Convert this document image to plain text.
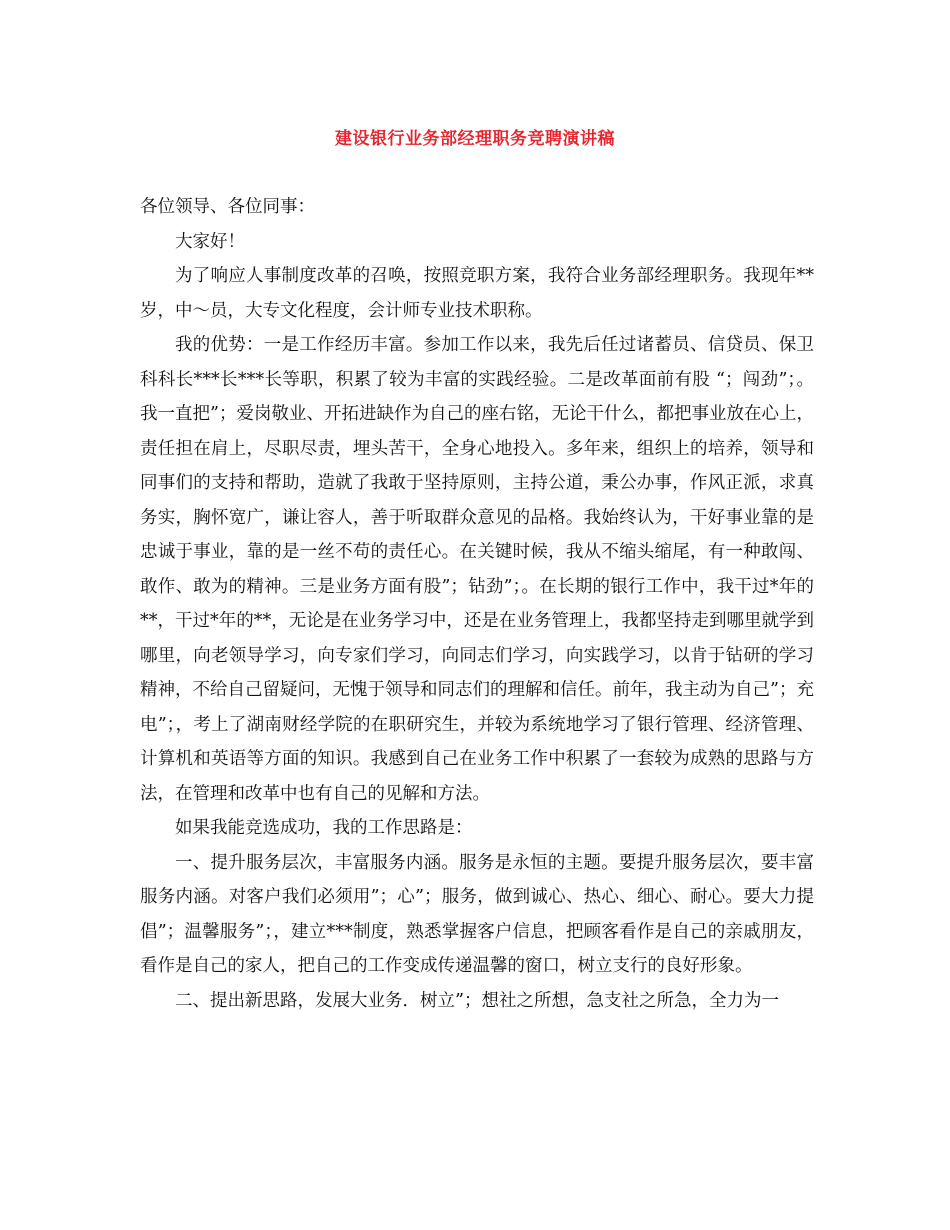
建设银行业务部经理职务竞聘演讲稿

各位领导、各位同事：

大家好！

为了响应人事制度改革的召唤，按照竞职方案，我符合业务部经理职务。我现年**岁，中～员，大专文化程度，会计师专业技术职称。

我的优势：一是工作经历丰富。参加工作以来，我先后任过诸蓄员、信贷员、保卫科科长***长***长等职，积累了较为丰富的实践经验。二是改革面前有股 “；闯劲”；。我一直把”；爱岗敬业、开拓进缺作为自己的座右铭，无论干什么，都把事业放在心上，责任担在肩上，尽职尽责，埋头苦干，全身心地投入。多年来，组织上的培养，领导和同事们的支持和帮助，造就了我敢于坚持原则，主持公道，秉公办事，作风正派，求真务实，胸怀宽广，谦让容人，善于听取群众意见的品格。我始终认为，干好事业靠的是忠诚于事业，靠的是一丝不苟的责任心。在关键时候，我从不缩头缩尾，有一种敢闯、敢作、敢为的精神。三是业务方面有股”；钻劲”；。在长期的银行工作中，我干过*年的**，干过*年的**，无论是在业务学习中，还是在业务管理上，我都坚持走到哪里就学到哪里，向老领导学习，向专家们学习，向同志们学习，向实践学习，以肯于钻研的学习精神，不给自己留疑问，无愧于领导和同志们的理解和信任。前年，我主动为自己”；充电”；，考上了湖南财经学院的在职研究生，并较为系统地学习了银行管理、经济管理、计算机和英语等方面的知识。我感到自己在业务工作中积累了一套较为成熟的思路与方法，在管理和改革中也有自己的见解和方法。

如果我能竞选成功，我的工作思路是：

一、提升服务层次，丰富服务内涵。服务是永恒的主题。要提升服务层次，要丰富服务内涵。对客户我们必须用”；心”；服务，做到诚心、热心、细心、耐心。要大力提倡”；温馨服务”；，建立***制度，熟悉掌握客户信息，把顾客看作是自己的亲戚朋友，看作是自己的家人，把自己的工作变成传递温馨的窗口，树立支行的良好形象。

二、提出新思路，发展大业务．树立”；想社之所想，急支社之所急，全力为一
